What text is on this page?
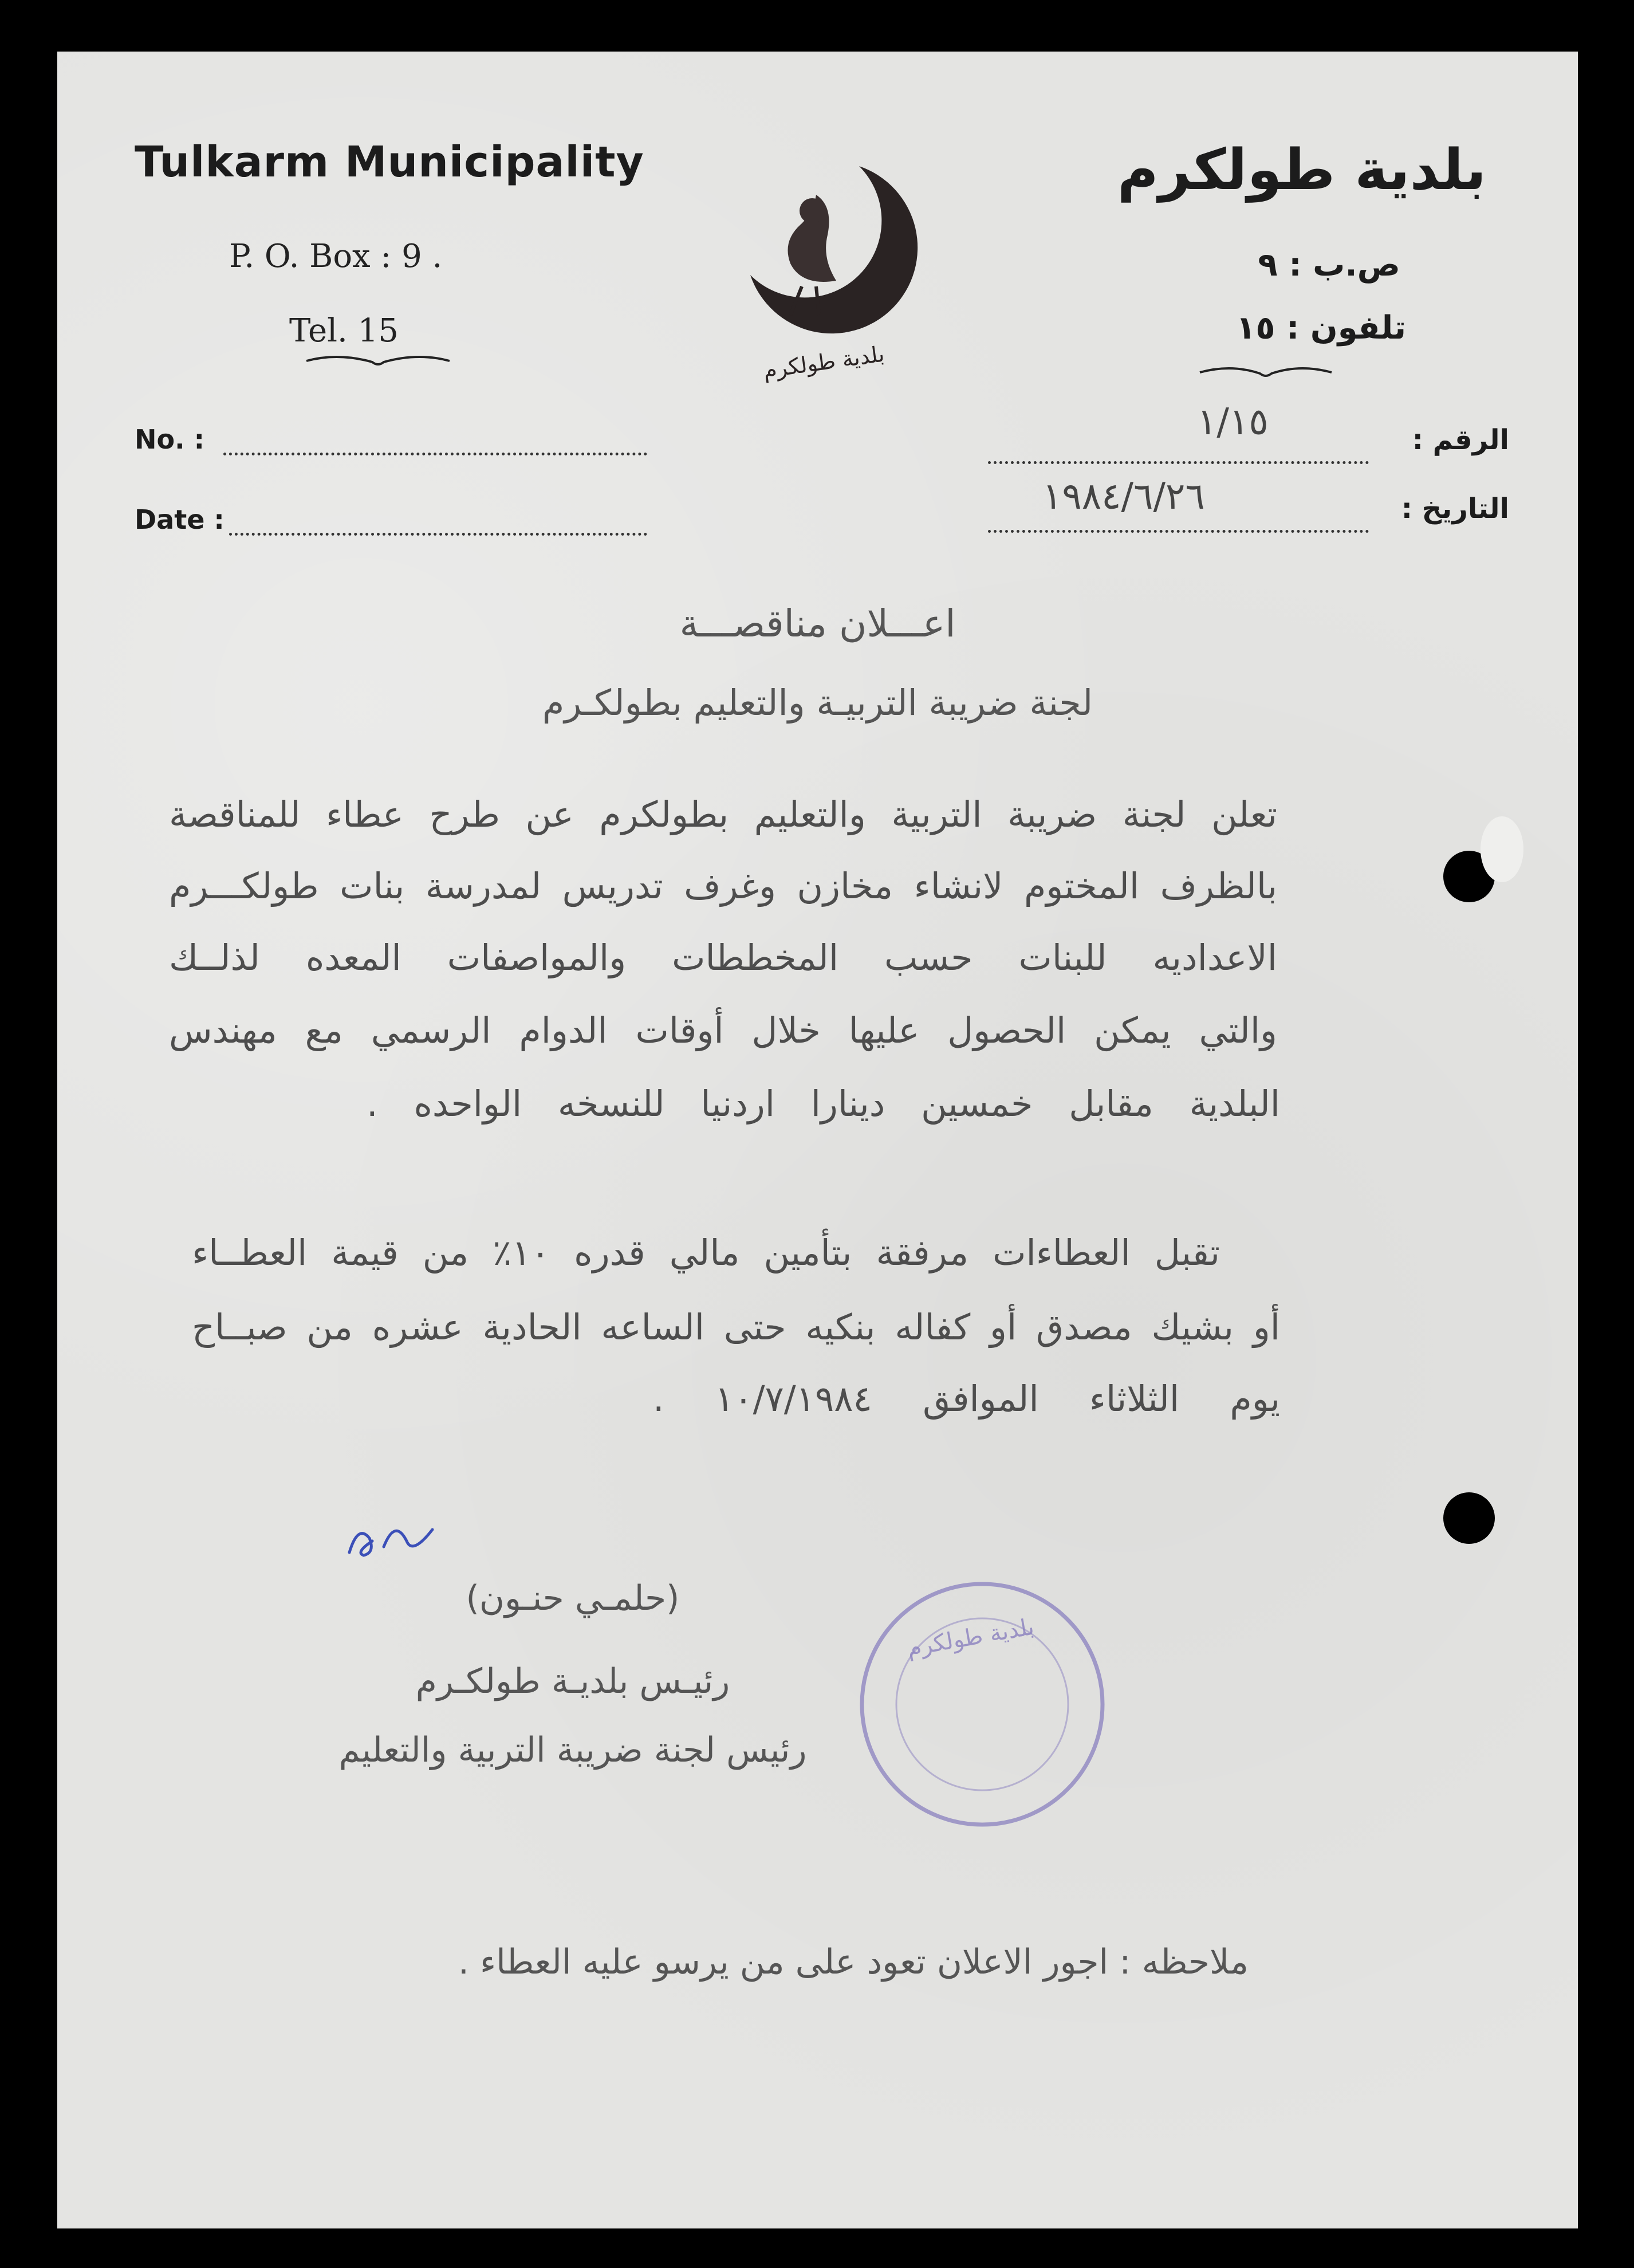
Tulkarm Municipality
P. O. Box : 9 .
Tel. 15
بلدية طولكرم
بلدية طولكرم
ص.ب : ٩
تلفون : ١٥
No. :
Date :
الرقم :
١/١٥
التاريخ :
١٩٨٤/٦/٢٦
اعـــلان مناقصـــة
لجنة ضريبة التربيـة والتعليم بطولكـرم
تعلن لجنة ضريبة التربية والتعليم بطولكرم عن طرح عطاء للمناقصة
بالظرف المختوم لانشاء مخازن وغرف تدريس لمدرسة بنات طولكـــرم
الاعداديه للبنات حسب المخططات والمواصفات المعده لذلــك
والتي يمكن الحصول عليها خلال أوقات الدوام الرسمي مع مهندس
البلدية مقابل خمسين دينارا اردنيا للنسخه الواحده .
تقبل العطاءات مرفقة بتأمين مالي قدره ١٠٪ من قيمة العطــاء
أو بشيك مصدق أو كفاله بنكيه حتى الساعه الحادية عشره من صبــاح
يوم الثلاثاء الموافق ١٠/٧/١٩٨٤ .
(حلمـي حنـون)
رئيـس بلديـة طولكـرم
رئيس لجنة ضريبة التربية والتعليم
بلدية طولكرم
ملاحظه : اجور الاعلان تعود على من يرسو عليه العطاء .
